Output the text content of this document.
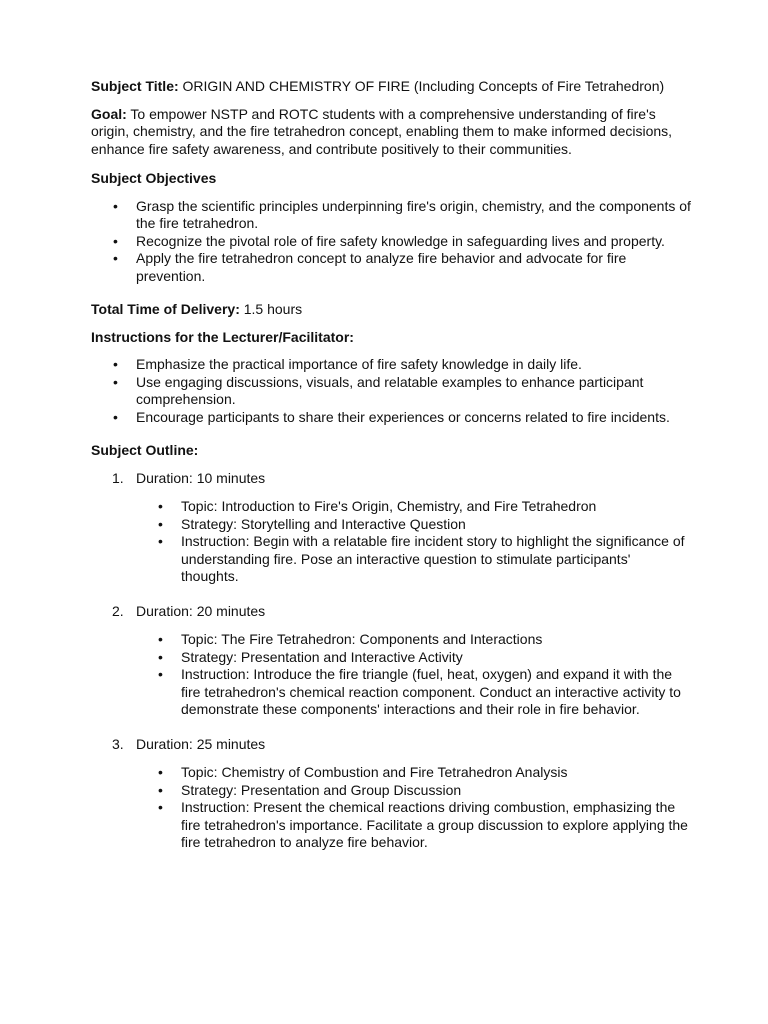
Subject Title: ORIGIN AND CHEMISTRY OF FIRE (Including Concepts of Fire Tetrahedron)

Goal: To empower NSTP and ROTC students with a comprehensive understanding of fire's origin, chemistry, and the fire tetrahedron concept, enabling them to make informed decisions, enhance fire safety awareness, and contribute positively to their communities.

Subject Objectives

• Grasp the scientific principles underpinning fire's origin, chemistry, and the components of the fire tetrahedron.
• Recognize the pivotal role of fire safety knowledge in safeguarding lives and property.
• Apply the fire tetrahedron concept to analyze fire behavior and advocate for fire prevention.

Total Time of Delivery: 1.5 hours

Instructions for the Lecturer/Facilitator:

• Emphasize the practical importance of fire safety knowledge in daily life.
• Use engaging discussions, visuals, and relatable examples to enhance participant comprehension.
• Encourage participants to share their experiences or concerns related to fire incidents.

Subject Outline:

1. Duration: 10 minutes
• Topic: Introduction to Fire's Origin, Chemistry, and Fire Tetrahedron
• Strategy: Storytelling and Interactive Question
• Instruction: Begin with a relatable fire incident story to highlight the significance of understanding fire. Pose an interactive question to stimulate participants' thoughts.
2. Duration: 20 minutes
• Topic: The Fire Tetrahedron: Components and Interactions
• Strategy: Presentation and Interactive Activity
• Instruction: Introduce the fire triangle (fuel, heat, oxygen) and expand it with the fire tetrahedron's chemical reaction component. Conduct an interactive activity to demonstrate these components' interactions and their role in fire behavior.
3. Duration: 25 minutes
• Topic: Chemistry of Combustion and Fire Tetrahedron Analysis
• Strategy: Presentation and Group Discussion
• Instruction: Present the chemical reactions driving combustion, emphasizing the fire tetrahedron's importance. Facilitate a group discussion to explore applying the fire tetrahedron to analyze fire behavior.
